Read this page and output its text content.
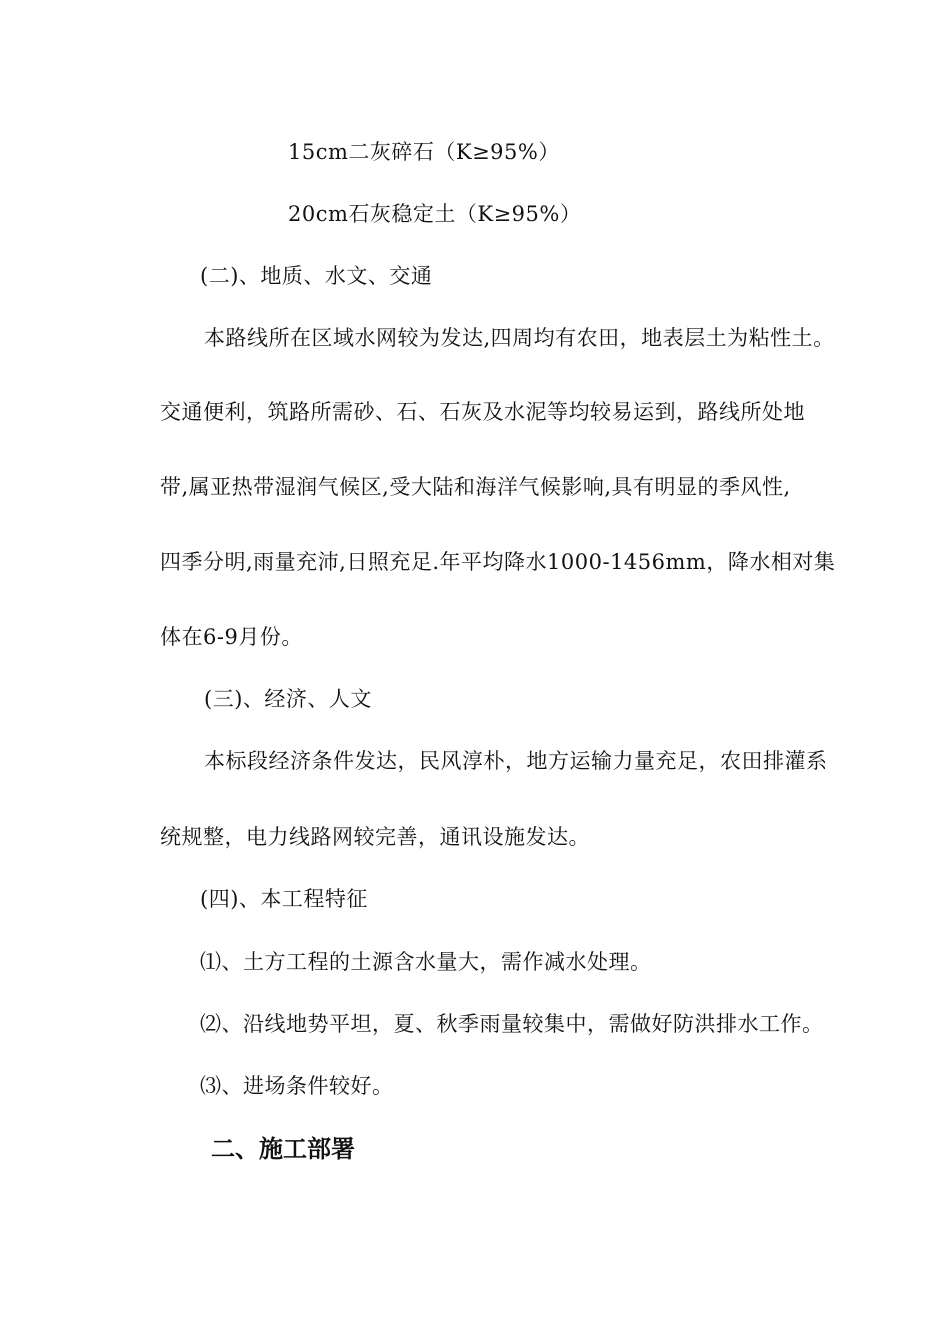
15cm二灰碎石（K≥95%）
20cm石灰稳定土（K≥95%）
(二)、地质、水文、交通
本路线所在区域水网较为发达,四周均有农田，地表层土为粘性土。
交通便利，筑路所需砂、石、石灰及水泥等均较易运到，路线所处地
带,属亚热带湿润气候区,受大陆和海洋气候影响,具有明显的季风性,
四季分明,雨量充沛,日照充足.年平均降水1000-1456mm，降水相对集
体在6-9月份。
(三)、经济、人文
本标段经济条件发达，民风淳朴，地方运输力量充足，农田排灌系
统规整，电力线路网较完善，通讯设施发达。
(四)、本工程特征
⑴、土方工程的土源含水量大，需作减水处理。
⑵、沿线地势平坦，夏、秋季雨量较集中，需做好防洪排水工作。
⑶、进场条件较好。
二、施工部署
